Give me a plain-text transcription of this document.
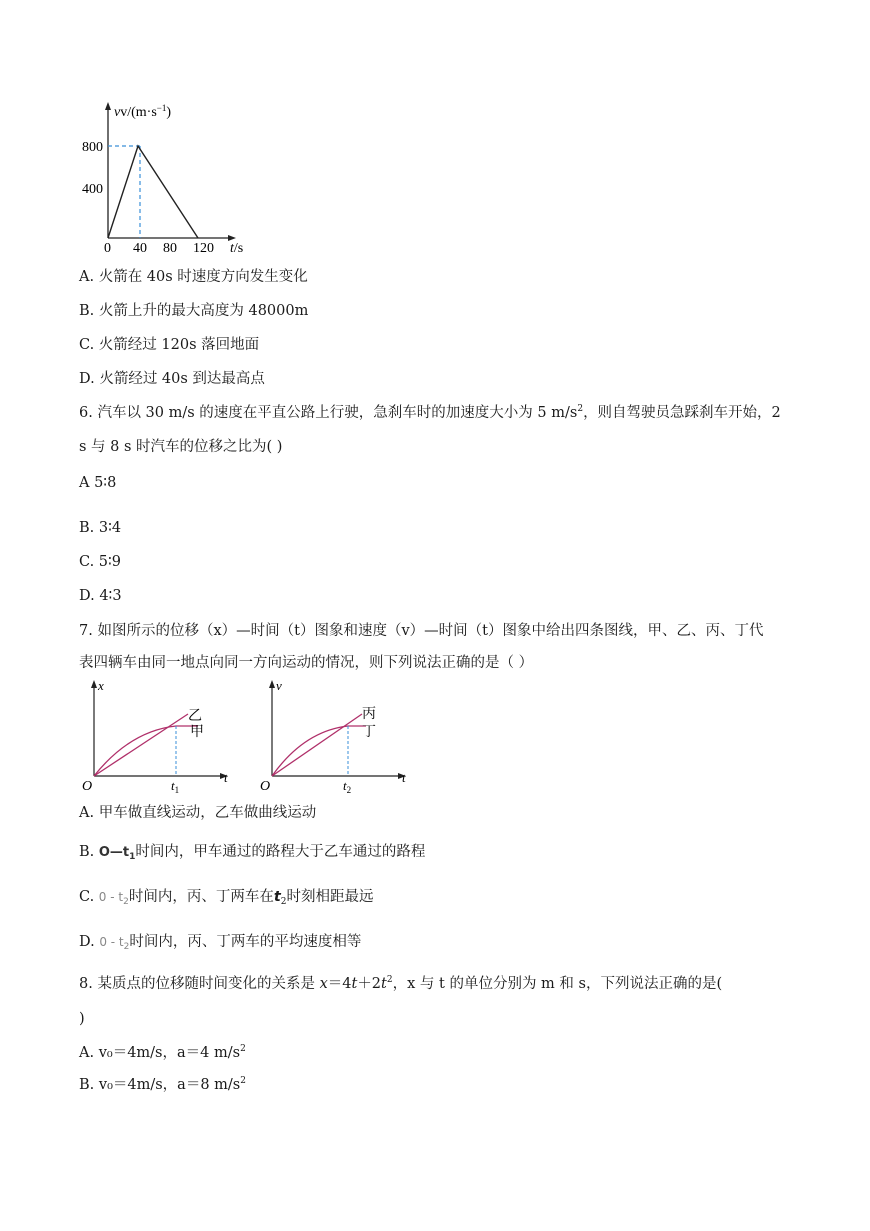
$vv/(m\cdot s^{-1})$
800
400
0 40 80 120 t/s
A. 火箭在 40s 时速度方向发生变化
B. 火箭上升的最大高度为 48000m
C. 火箭经过 120s 落回地面
D. 火箭经过 40s 到达最高点
6. 汽车以 30 m/s 的速度在平直公路上行驶，急刹车时的加速度大小为 5 $m/s^2$，则自驾驶员急踩刹车开始，2
s 与 8 s 时汽车的位移之比为( )
A 5∶8
B. 3∶4
C. 5∶9
D. 4∶3
7. 如图所示的位移（x）—时间（t）图象和速度（v）—时间（t）图象中给出四条图线，甲、乙、丙、丁代
表四辆车由同一地点向同一方向运动的情况，则下列说法正确的是（ ）
x
t
O
乙
甲
$t_1$
v
t
O
丙
丁
$t_2$
A. 甲车做直线运动，乙车做曲线运动
B. $O—t_1$时间内，甲车通过的路程大于乙车通过的路程
C. $0 - t_2$时间内，丙、丁两车在$t_2$时刻相距最远
D. $0 - t_2$时间内，丙、丁两车的平均速度相等
8. 某质点的位移随时间变化的关系是 $x=4t+2t^2$，x 与 t 的单位分别为 m 和 s，下列说法正确的是(
)
A. v₀＝4m/s，a＝4 $m/s^2$
B. v₀＝4m/s，a＝8 $m/s^2$
